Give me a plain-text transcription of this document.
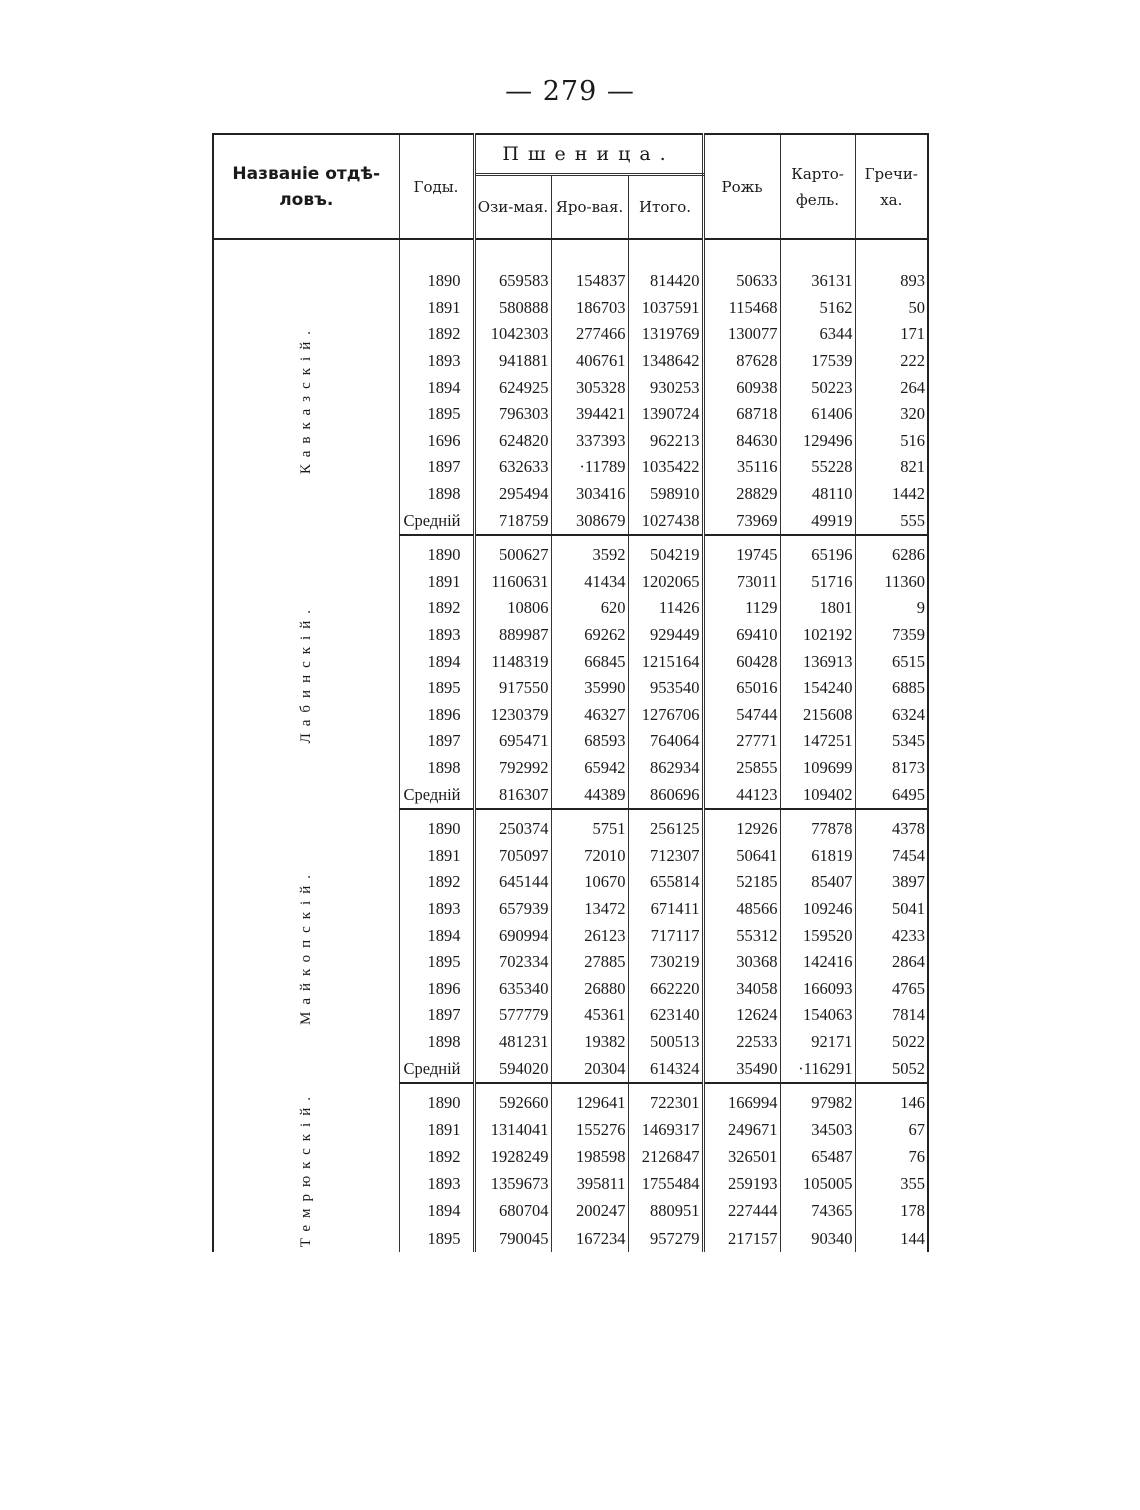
— 279 —
Названіе отдѣ-ловъ.	Годы.	Пшеница.			Рожь	Карто-фель.	Гречи-ха.
		Ози-мая.	Яро-вая.	Итого.			

Кавказскій.	1890	659583	154837	814420	50633	36131	893
	1891	580888	186703	1037591	115468	5162	50
	1892	1042303	277466	1319769	130077	6344	171
	1893	941881	406761	1348642	87628	17539	222
	1894	624925	305328	930253	60938	50223	264
	1895	796303	394421	1390724	68718	61406	320
	1696	624820	337393	962213	84630	129496	516
	1897	632633	·11789	1035422	35116	55228	821
	1898	295494	303416	598910	28829	48110	1442
	Среднiй	718759	308679	1027438	73969	49919	555

Лабинскій.	1890	500627	3592	504219	19745	65196	6286
	1891	1160631	41434	1202065	73011	51716	11360
	1892	10806	620	11426	1129	1801	9
	1893	889987	69262	929449	69410	102192	7359
	1894	1148319	66845	1215164	60428	136913	6515
	1895	917550	35990	953540	65016	154240	6885
	1896	1230379	46327	1276706	54744	215608	6324
	1897	695471	68593	764064	27771	147251	5345
	1898	792992	65942	862934	25855	109699	8173
	Среднiй	816307	44389	860696	44123	109402	6495

Майкопскій.	1890	250374	5751	256125	12926	77878	4378
	1891	705097	72010	712307	50641	61819	7454
	1892	645144	10670	655814	52185	85407	3897
	1893	657939	13472	671411	48566	109246	5041
	1894	690994	26123	717117	55312	159520	4233
	1895	702334	27885	730219	30368	142416	2864
	1896	635340	26880	662220	34058	166093	4765
	1897	577779	45361	623140	12624	154063	7814
	1898	481231	19382	500513	22533	92171	5022
	Среднiй	594020	20304	614324	35490	·116291	5052

Темрюкскій.	1890	592660	129641	722301	166994	97982	146
	1891	1314041	155276	1469317	249671	34503	67
	1892	1928249	198598	2126847	326501	65487	76
	1893	1359673	395811	1755484	259193	105005	355
	1894	680704	200247	880951	227444	74365	178
	1895	790045	167234	957279	217157	90340	144
